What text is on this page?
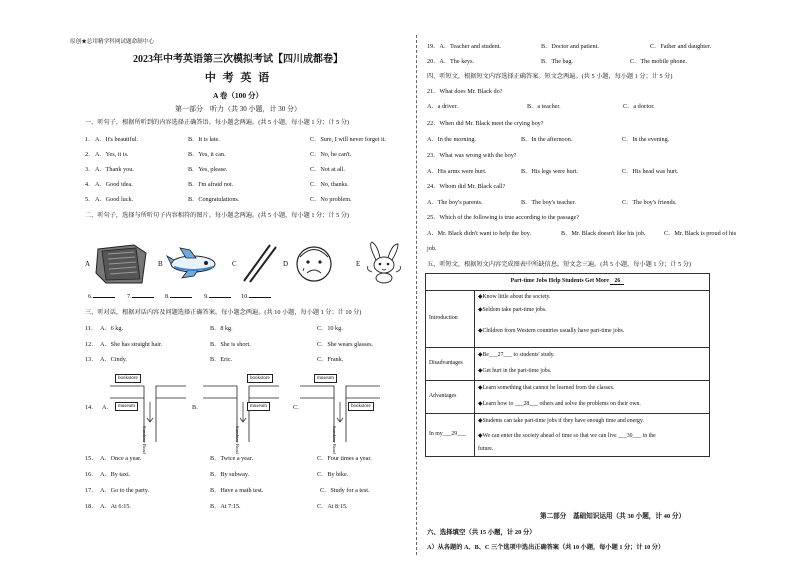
原创★总用精学科网试题命制中心
2023年中考英语第三次模拟考试【四川成都卷】
中 考 英 语
A 卷（100 分）
第一部分　听力（共 30 小题，计 30 分）
一、听句子，根据所听到的内容选择正确答语。每小题念两遍。(共 5 小题，每小题 1 分；计 5 分)
1． A．It's beautiful.	B．It is late.	C．Sure, I will never forget it.
2． A．Yes, it is.	B．Yes, it can.	C．No, he can't.
3． A．Thank you.	B．Yes, please.	C．Not at all.
4． A．Good idea.	B．I'm afraid not.	C．No, thanks.
5． A．Good luck.	B．Congratulations.	C．No problem.
二、听句子，选择与所听句子内容相符的图片。每小题念两遍。(共 5 小题，每小题 1 分；计 5 分)
A	B	C	D	E
6.	7.	8.	9.	10.
三、听对话，根据对话内容及问题选择正确答案。每小题念两遍。(共 10 小题，每小题 1 分；计 10 分)
11． A．6 kg.	B．8 kg.	C．10 kg.
12． A．She has straight hair.	B．She is short.	C．She wears glasses.
13． A．Cindy.	B．Eric.	C．Frank.
14． A．	B．	C．
bookstore
museum
Sunshine Road
bookstore
museum
Sunshine Road
museum
bookstore
Sunshine Road
15． A．Once a year.	B．Twice a year.	C．Four times a year.
16． A．By taxi.	B．By subway.	C．By bike.
17． A．Go to the party.	B．Have a math test.	C．Study for a test.
18． A．At 6:15.	B．At 7:15.	C．At 8:15.
19．A．Teacher and student.	B．Doctor and patient.	C．Father and daughter.
20．A．The keys.	B．The bag.	C．The mobile phone.
四、听短文，根据短文内容选择正确答案。短文念两遍。(共 5 小题，每小题 1 分；计 5 分)
21．What does Mr. Black do?
A．a driver.	B．a teacher.	C．a doctor.
22．When did Mr. Black meet the crying boy?
A．In the morning.	B．In the afternoon.	C．In the evening.
23．What was wrong with the boy?
A．His arms were hurt.	B．His legs were hurt.	C．His head was hurt.
24．Whom did Mr. Black call?
A．The boy's parents.	B．The boy's teacher.	C．The boy's friends.
25．Which of the following is true according to the passage?
A．Mr. Black didn't want to help the boy.	B．Mr. Black doesn't like his job.	C．Mr. Black is proud of his
job.
五、听短文，根据短文内容完成图表中所缺信息。短文念三遍。(共 5 小题，每小题 1 分；计 5 分)
Part-time Jobs Help Students Get More 26	
Introduction	◆Know little about the society.
◆Seldom take part-time jobs.
◆Children from Western countries usually have part-time jobs.

Disadvantages	◆Be___27___ to students' study.
◆Get hurt in the part-time jobs.

Advantages	◆Learn something that cannot be learned from the classes.
◆Learn how to ___28___ others and solve the problems on their own.

In my___29___	◆Students can take part-time jobs if they have enough time and energy.
◆We can enter the society ahead of time so that we can live ___30___ in the
future.
第二部分　基础知识运用（共 30 小题，计 40 分）
六、选择填空（共 15 小题，计 20 分）
A）从各题的 A、B、C 三个选项中选出正确答案（共 10 小题，每小题 1 分；计 10 分）
